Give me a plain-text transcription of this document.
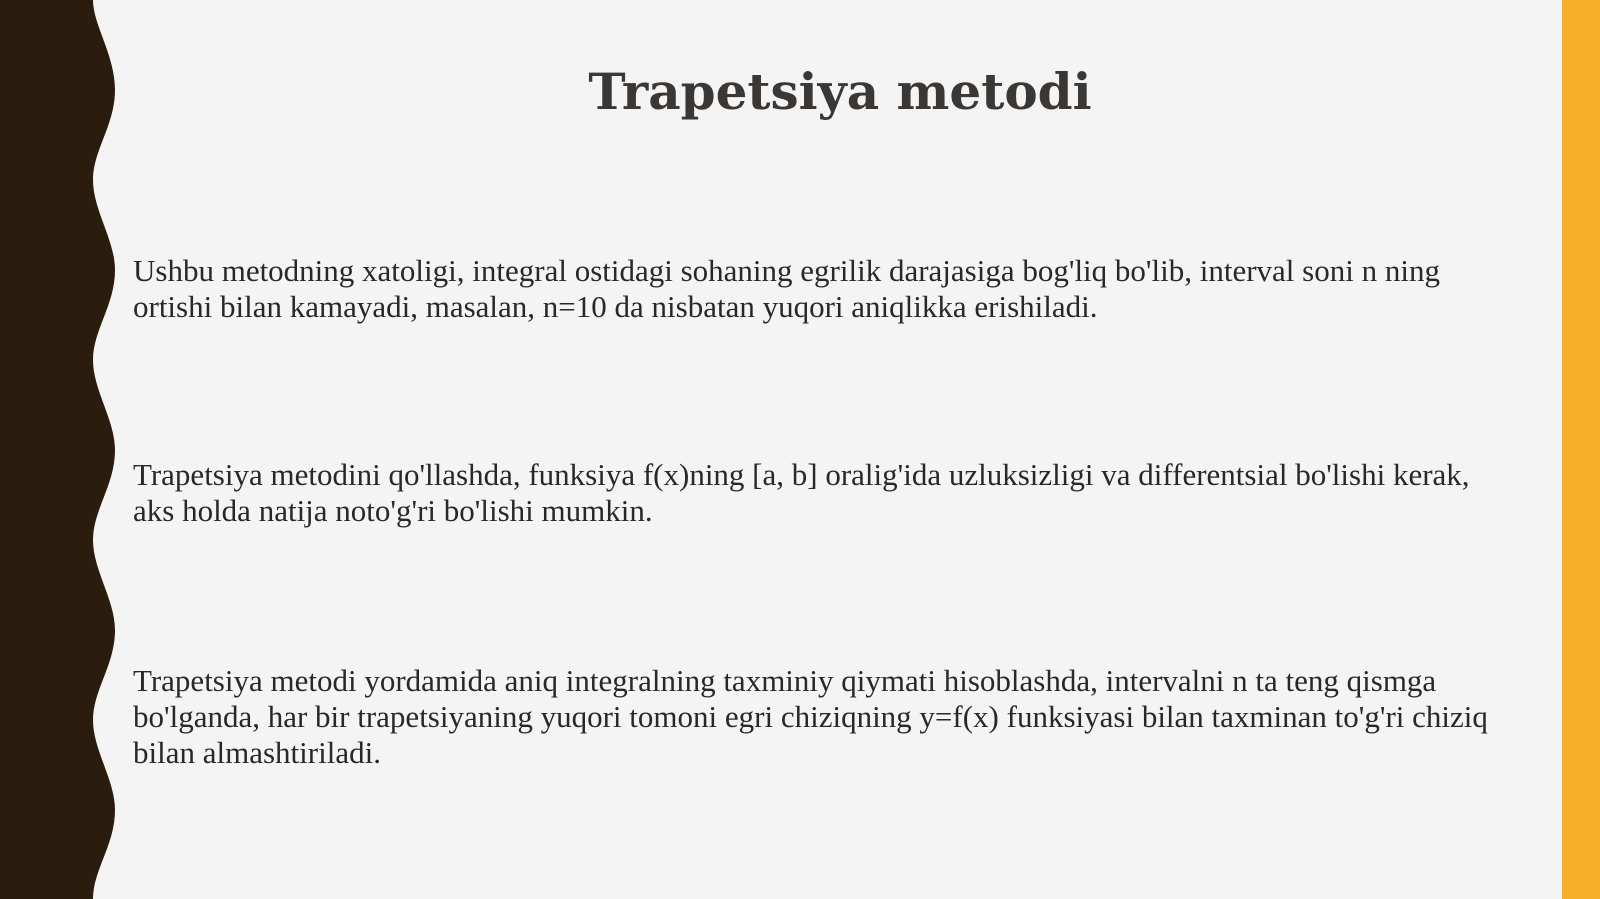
Trapetsiya metodi

Ushbu metodning xatoligi, integral ostidagi sohaning egrilik darajasiga bog'liq bo'lib, interval soni n ning ortishi bilan kamayadi, masalan, n=10 da nisbatan yuqori aniqlikka erishiladi.

Trapetsiya metodini qo'llashda, funksiya f(x)ning [a, b] oralig'ida uzluksizligi va differentsial bo'lishi kerak, aks holda natija noto'g'ri bo'lishi mumkin.

Trapetsiya metodi yordamida aniq integralning taxminiy qiymati hisoblashda, intervalni n ta teng qismga bo'lganda, har bir trapetsiyaning yuqori tomoni egri chiziqning y=f(x) funksiyasi bilan taxminan to'g'ri chiziq bilan almashtiriladi.
